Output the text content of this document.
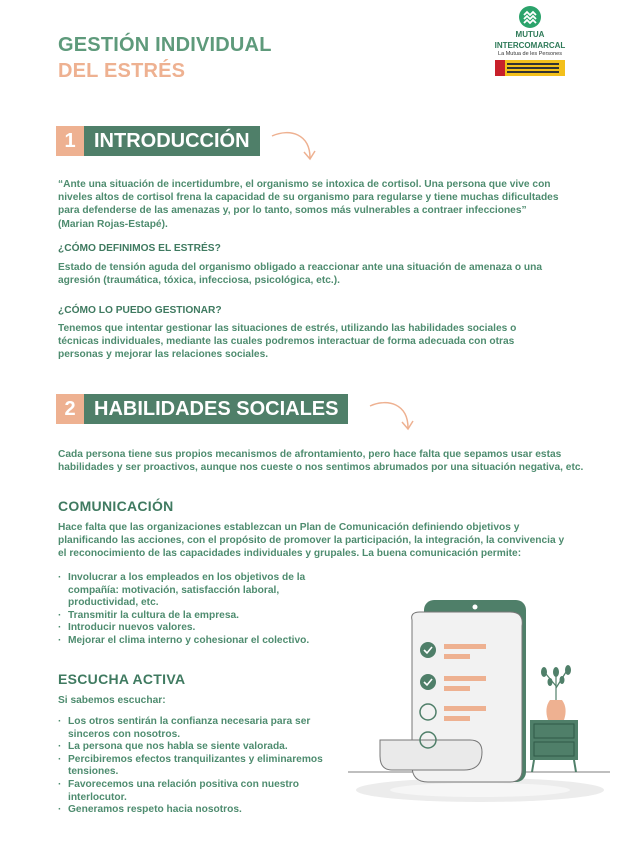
GESTIÓN INDIVIDUAL
DEL ESTRÉS
MUTUA
INTERCOMARCAL
La Mutua de les Persones
1 INTRODUCCIÓN
“Ante una situación de incertidumbre, el organismo se intoxica de cortisol. Una persona que vive con
niveles altos de cortisol frena la capacidad de su organismo para regularse y tiene muchas dificultades
para defenderse de las amenazas y, por lo tanto, somos más vulnerables a contraer infecciones”
(Marian Rojas-Estapé).
¿CÓMO DEFINIMOS EL ESTRÉS?
Estado de tensión aguda del organismo obligado a reaccionar ante una situación de amenaza o una
agresión (traumática, tóxica, infecciosa, psicológica, etc.).
¿CÓMO LO PUEDO GESTIONAR?
Tenemos que intentar gestionar las situaciones de estrés, utilizando las habilidades sociales o
técnicas individuales, mediante las cuales podremos interactuar de forma adecuada con otras
personas y mejorar las relaciones sociales.
2 HABILIDADES SOCIALES
Cada persona tiene sus propios mecanismos de afrontamiento, pero hace falta que sepamos usar estas
habilidades y ser proactivos, aunque nos cueste o nos sentimos abrumados por una situación negativa, etc.
COMUNICACIÓN
Hace falta que las organizaciones establezcan un Plan de Comunicación definiendo objetivos y
planificando las acciones, con el propósito de promover la participación, la integración, la convivencia y
el reconocimiento de las capacidades individuales y grupales. La buena comunicación permite:
· Involucrar a los empleados en los objetivos de la
compañía: motivación, satisfacción laboral,
productividad, etc.
· Transmitir la cultura de la empresa.
· Introducir nuevos valores.
· Mejorar el clima interno y cohesionar el colectivo.
ESCUCHA ACTIVA
Si sabemos escuchar:
· Los otros sentirán la confianza necesaria para ser
sinceros con nosotros.
· La persona que nos habla se siente valorada.
· Percibiremos efectos tranquilizantes y eliminaremos
tensiones.
· Favorecemos una relación positiva con nuestro
interlocutor.
· Generamos respeto hacia nosotros.
